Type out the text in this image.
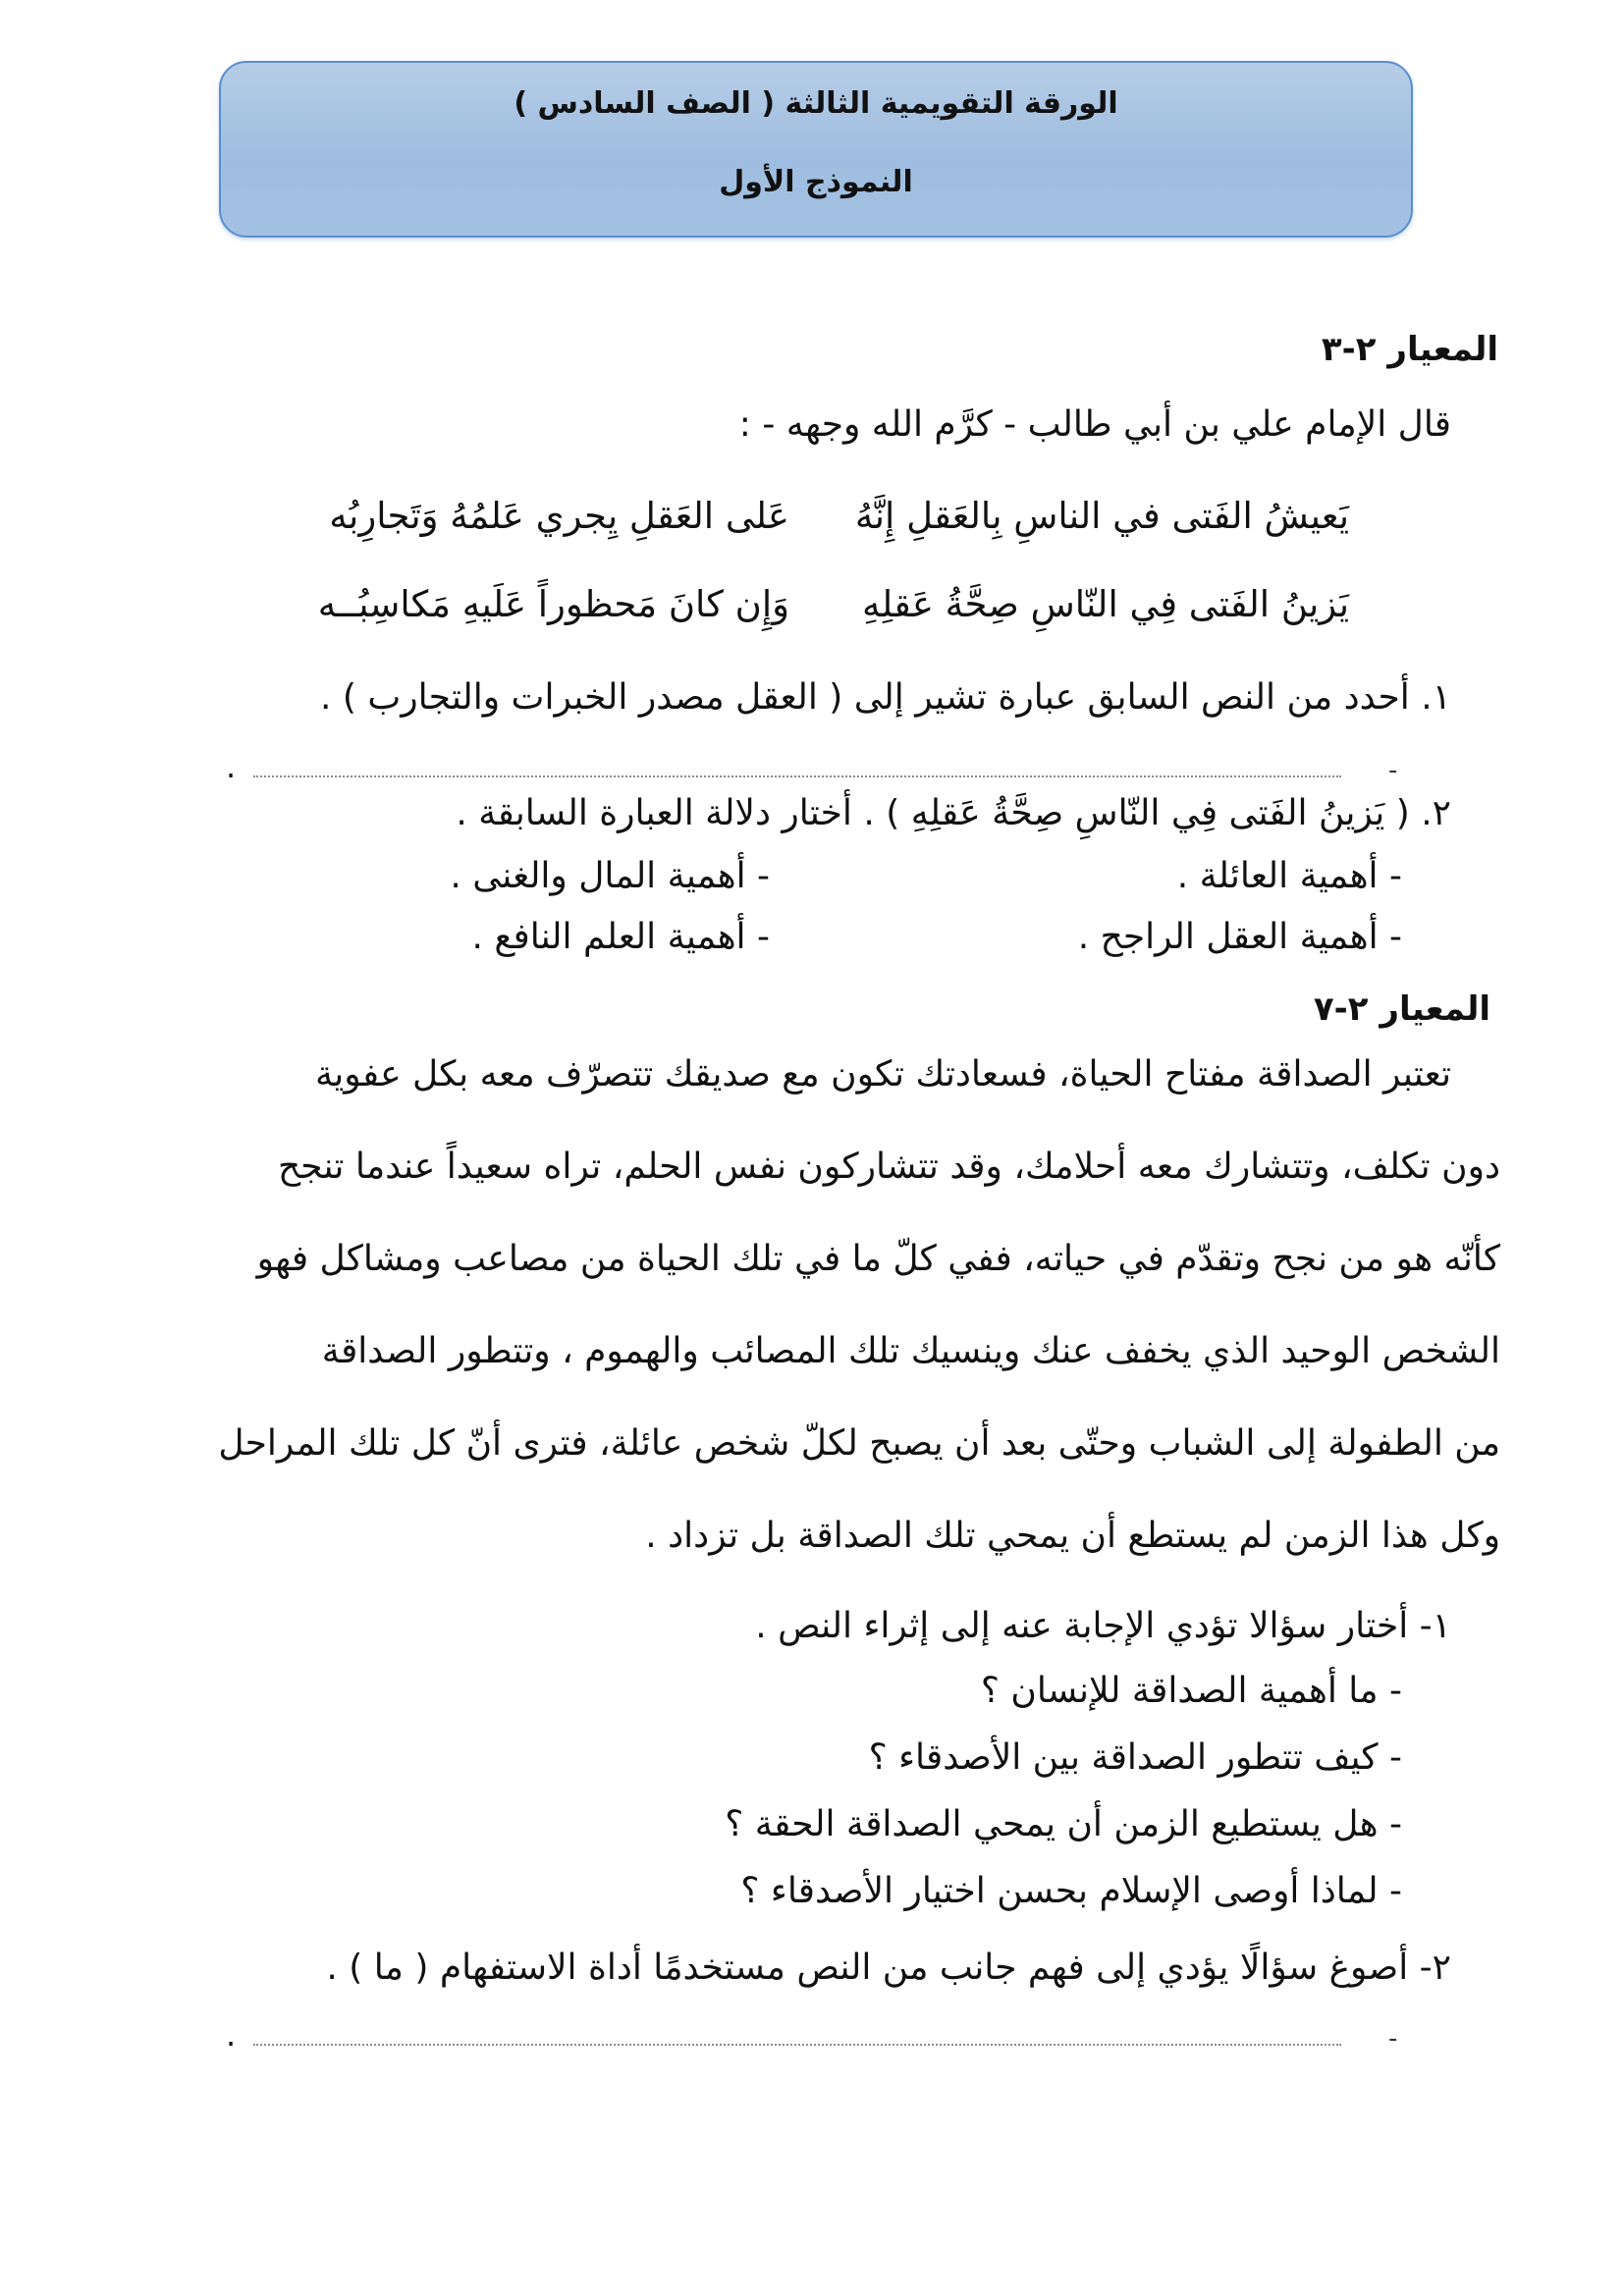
الورقة التقويمية الثالثة ( الصف السادس )
النموذج الأول
المعيار ٢-٣
قال الإمام علي بن أبي طالب - كرَّم الله وجهه - :
يَعيشُ الفَتى في الناسِ بِالعَقلِ إِنَّهُ
عَلى العَقلِ يِجري عَلمُهُ وَتَجارِبُه
يَزينُ الفَتى فِي النّاسِ صِحَّةُ عَقلِهِ
وَإِن كانَ مَحظوراً عَلَيهِ مَكاسِبُــه
١. أحدد من النص السابق عبارة تشير إلى ( العقل مصدر الخبرات والتجارب ) .
-
.
٢. ( يَزينُ الفَتى فِي النّاسِ صِحَّةُ عَقلِهِ ) . أختار دلالة العبارة السابقة .
- أهمية العائلة .
- أهمية المال والغنى .
- أهمية العقل الراجح .
- أهمية العلم النافع .
المعيار ٢-٧
تعتبر الصداقة مفتاح الحياة، فسعادتك تكون مع صديقك تتصرّف معه بكل عفوية
دون تكلف، وتتشارك معه أحلامك، وقد تتشاركون نفس الحلم، تراه سعيداً عندما تنجح
كأنّه هو من نجح وتقدّم في حياته، ففي كلّ ما في تلك الحياة من مصاعب ومشاكل فهو
الشخص الوحيد الذي يخفف عنك وينسيك تلك المصائب والهموم ، وتتطور الصداقة
من الطفولة إلى الشباب وحتّى بعد أن يصبح لكلّ شخص عائلة، فترى أنّ كل تلك المراحل
وكل هذا الزمن لم يستطع أن يمحي تلك الصداقة بل تزداد .
١- أختار سؤالا تؤدي الإجابة عنه إلى إثراء النص .
- ما أهمية الصداقة للإنسان ؟
- كيف تتطور الصداقة بين الأصدقاء ؟
- هل يستطيع الزمن أن يمحي الصداقة الحقة ؟
- لماذا أوصى الإسلام بحسن اختيار الأصدقاء ؟
٢- أصوغ سؤالًا يؤدي إلى فهم جانب من النص مستخدمًا أداة الاستفهام ( ما ) .
-
.
